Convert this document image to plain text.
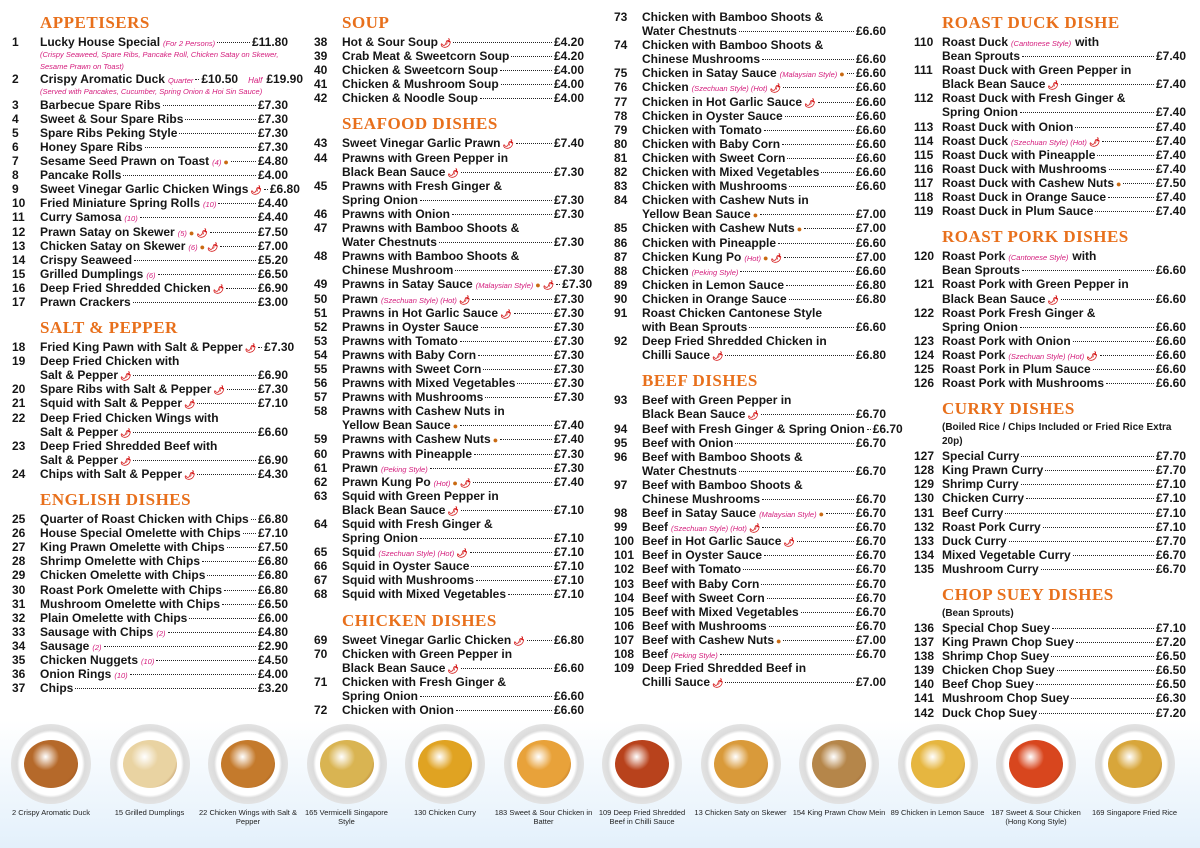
APPETISERS
1	Lucky House Special (For 2 Persons)	£11.80
(Crispy Seaweed, Spare Ribs, Pancake Roll, Chicken Satay on Skewer, Sesame Prawn on Toast)
2	Crispy Aromatic Duck Quarter £10.50 Half £19.90
(Served with Pancakes, Cucumber, Spring Onion & Hoi Sin Sauce)
3	Barbecue Spare Ribs	£7.30
4	Sweet & Sour Spare Ribs	£7.30
5	Spare Ribs Peking Style	£7.30
6	Honey Spare Ribs	£7.30
7	Sesame Seed Prawn on Toast (4) ● £4.80
8	Pancake Rolls	£4.00
9	Sweet Vinegar Garlic Chicken Wings 🌶 £6.80
10	Fried Miniature Spring Rolls (10)	£4.40
11	Curry Samosa (10)	£4.40
12	Prawn Satay on Skewer (5) ● 🌶	£7.50
13	Chicken Satay on Skewer (6) ● 🌶	£7.00
14	Crispy Seaweed	£5.20
15	Grilled Dumplings (6)	£6.50
16	Deep Fried Shredded Chicken 🌶	£6.90
17	Prawn Crackers	£3.00
SALT & PEPPER
18	Fried King Pawn with Salt & Pepper 🌶 £7.30
19	Deep Fried Chicken with
Salt & Pepper 🌶	£6.90
20	Spare Ribs with Salt & Pepper 🌶	£7.30
21	Squid with Salt & Pepper 🌶	£7.10
22	Deep Fried Chicken Wings with
Salt & Pepper 🌶	£6.60
23	Deep Fried Shredded Beef with
Salt & Pepper 🌶	£6.90
24	Chips with Salt & Pepper 🌶	£4.30
ENGLISH DISHES
25	Quarter of Roast Chicken with Chips £6.80
26	House Special Omelette with Chips £7.10
27	King Prawn Omelette with Chips	£7.50
28	Shrimp Omelette with Chips	£6.80
29	Chicken Omelette with Chips	£6.80
30	Roast Pork Omelette with Chips	£6.80
31	Mushroom Omelette with Chips	£6.50
32	Plain Omelette with Chips	£6.00
33	Sausage with Chips (2)	£4.80
34	Sausage (2)	£2.90
35	Chicken Nuggets (10)	£4.50
36	Onion Rings (10)	£4.00
37	Chips	£3.20
SOUP
38	Hot & Sour Soup 🌶	£4.20
39	Crab Meat & Sweetcorn Soup	£4.20
40	Chicken & Sweetcorn Soup	£4.00
41	Chicken & Mushroom Soup	£4.00
42	Chicken & Noodle Soup	£4.00
SEAFOOD DISHES
43	Sweet Vinegar Garlic Prawn 🌶	£7.40
44	Prawns with Green Pepper in
Black Bean Sauce 🌶	£7.30
45	Prawns with Fresh Ginger &
Spring Onion	£7.30
46	Prawns with Onion	£7.30
47	Prawns with Bamboo Shoots &
Water Chestnuts	£7.30
48	Prawns with Bamboo Shoots &
Chinese Mushroom	£7.30
49	Prawns in Satay Sauce (Malaysian Style) ● 🌶 £7.30
50	Prawn (Szechuan Style) (Hot) 🌶	£7.30
51	Prawns in Hot Garlic Sauce 🌶	£7.30
52	Prawns in Oyster Sauce	£7.30
53	Prawns with Tomato	£7.30
54	Prawns with Baby Corn	£7.30
55	Prawns with Sweet Corn	£7.30
56	Prawns with Mixed Vegetables	£7.30
57	Prawns with Mushrooms	£7.30
58	Prawns with Cashew Nuts in
Yellow Bean Sauce ●	£7.40
59	Prawns with Cashew Nuts ●	£7.40
60	Prawns with Pineapple	£7.30
61	Prawn (Peking Style)	£7.30
62	Prawn Kung Po (Hot) ● 🌶	£7.40
63	Squid with Green Pepper in
Black Bean Sauce 🌶	£7.10
64	Squid with Fresh Ginger &
Spring Onion	£7.10
65	Squid (Szechuan Style) (Hot) 🌶	£7.10
66	Squid in Oyster Sauce	£7.10
67	Squid with Mushrooms	£7.10
68	Squid with Mixed Vegetables	£7.10
CHICKEN DISHES
69	Sweet Vinegar Garlic Chicken 🌶 £6.80
70	Chicken with Green Pepper in
Black Bean Sauce 🌶	£6.60
71	Chicken with Fresh Ginger &
Spring Onion	£6.60
72	Chicken with Onion	£6.60
73	Chicken with Bamboo Shoots &
Water Chestnuts	£6.60
74	Chicken with Bamboo Shoots &
Chinese Mushrooms	£6.60
75	Chicken in Satay Sauce (Malaysian Style) ● £6.60
76	Chicken (Szechuan Style) (Hot) 🌶	£6.60
77	Chicken in Hot Garlic Sauce 🌶	£6.60
78	Chicken in Oyster Sauce	£6.60
79	Chicken with Tomato	£6.60
80	Chicken with Baby Corn	£6.60
81	Chicken with Sweet Corn	£6.60
82	Chicken with Mixed Vegetables	£6.60
83	Chicken with Mushrooms	£6.60
84	Chicken with Cashew Nuts in
Yellow Bean Sauce ●	£7.00
85	Chicken with Cashew Nuts ●	£7.00
86	Chicken with Pineapple	£6.60
87	Chicken Kung Po (Hot) ● 🌶	£7.00
88	Chicken (Peking Style)	£6.60
89	Chicken in Lemon Sauce	£6.80
90	Chicken in Orange Sauce	£6.80
91	Roast Chicken Cantonese Style
with Bean Sprouts	£6.60
92	Deep Fried Shredded Chicken in
Chilli Sauce 🌶	£6.80
BEEF DISHES
93	Beef with Green Pepper in
Black Bean Sauce 🌶	£6.70
94	Beef with Fresh Ginger & Spring Onion £6.70
95	Beef with Onion	£6.70
96	Beef with Bamboo Shoots &
Water Chestnuts	£6.70
97	Beef with Bamboo Shoots &
Chinese Mushrooms	£6.70
98	Beef in Satay Sauce (Malaysian Style) ●	£6.70
99	Beef (Szechuan Style) (Hot) 🌶	£6.70
100 Beef in Hot Garlic Sauce 🌶	£6.70
101 Beef in Oyster Sauce	£6.70
102 Beef with Tomato	£6.70
103 Beef with Baby Corn	£6.70
104 Beef with Sweet Corn	£6.70
105 Beef with Mixed Vegetables	£6.70
106 Beef with Mushrooms	£6.70
107 Beef with Cashew Nuts ●	£7.00
108 Beef (Peking Style)	£6.70
109 Deep Fried Shredded Beef in
Chilli Sauce 🌶	£7.00
ROAST DUCK DISHE
110 Roast Duck (Cantonese Style) with
Bean Sprouts	£7.40
111 Roast Duck with Green Pepper in
Black Bean Sauce 🌶	£7.40
112 Roast Duck with Fresh Ginger &
Spring Onion	£7.40
113 Roast Duck with Onion	£7.40
114 Roast Duck (Szechuan Style) (Hot) 🌶	£7.40
115 Roast Duck with Pineapple	£7.40
116 Roast Duck with Mushrooms	£7.40
117 Roast Duck with Cashew Nuts ●	£7.50
118 Roast Duck in Orange Sauce	£7.40
119 Roast Duck in Plum Sauce	£7.40
ROAST PORK DISHES
120 Roast Pork (Cantonese Style) with
Bean Sprouts	£6.60
121 Roast Pork with Green Pepper in
Black Bean Sauce 🌶	£6.60
122 Roast Pork Fresh Ginger &
Spring Onion	£6.60
123 Roast Pork with Onion	£6.60
124 Roast Pork (Szechuan Style) (Hot) 🌶	£6.60
125 Roast Pork in Plum Sauce	£6.60
126 Roast Pork with Mushrooms	£6.60
CURRY DISHES
(Boiled Rice / Chips Included or Fried Rice Extra 20p)
127 Special Curry	£7.70
128 King Prawn Curry	£7.70
129 Shrimp Curry	£7.10
130 Chicken Curry	£7.10
131 Beef Curry	£7.10
132 Roast Pork Curry	£7.10
133 Duck Curry	£7.70
134 Mixed Vegetable Curry	£6.70
135 Mushroom Curry	£6.70
CHOP SUEY DISHES
(Bean Sprouts)
136 Special Chop Suey	£7.10
137 King Prawn Chop Suey	£7.20
138 Shrimp Chop Suey	£6.50
139 Chicken Chop Suey	£6.50
140 Beef Chop Suey	£6.50
141 Mushroom Chop Suey	£6.30
142 Duck Chop Suey	£7.20
2 Crispy Aromatic Duck	15 Grilled Dumplings	22 Chicken Wings with Salt & Pepper
165 Vermicelli Singapore Style
130 Chicken Curry	183 Sweet & Sour Chicken in Batter
109 Deep Fried Shredded Beef in Chilli Sauce
13 Chicken Saty on Skewer 154 King Prawn Chow Mein 89 Chicken in Lemon Sauce 187 Sweet & Sour Chicken (Hong Kong Style)
169 Singapore Fried Rice
